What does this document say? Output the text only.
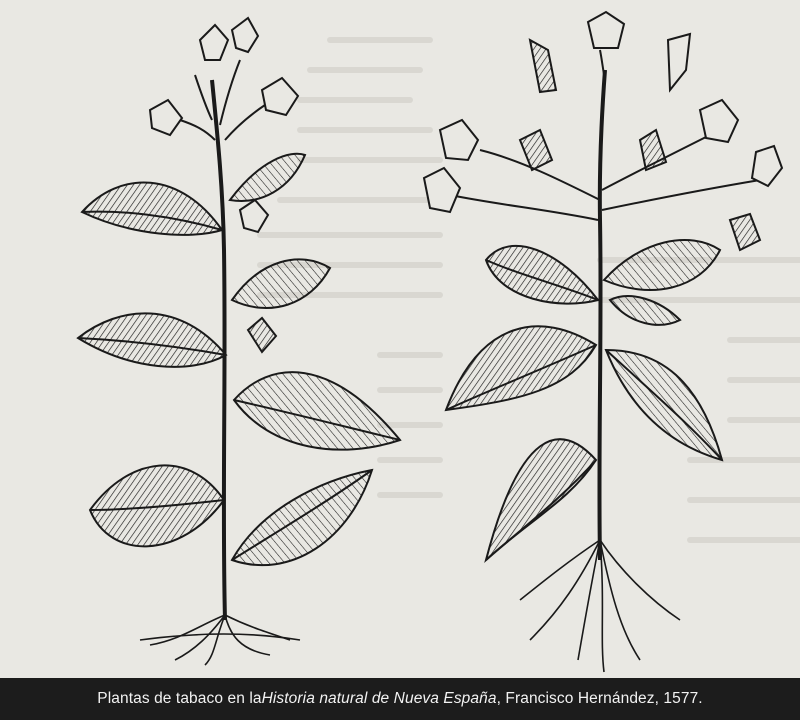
Plantas de tabaco en la Historia natural de Nueva España , Francisco Hernández, 1577.
